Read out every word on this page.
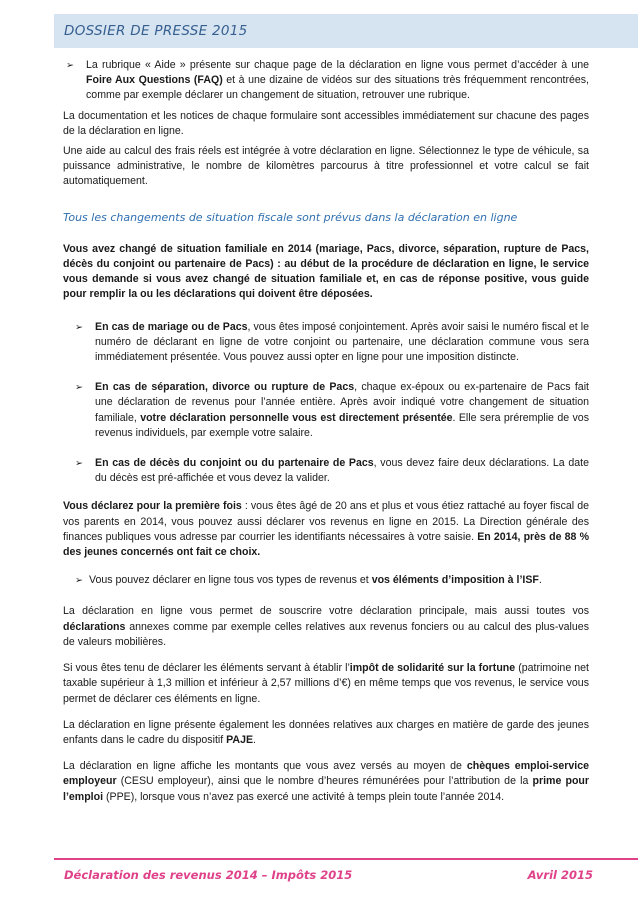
DOSSIER DE PRESSE 2015
➢	La rubrique « Aide » présente sur chaque page de la déclaration en ligne vous permet d’accéder à une Foire Aux Questions (FAQ) et à une dizaine de vidéos sur des situations très fréquemment rencontrées, comme par exemple déclarer un changement de situation, retrouver une rubrique.

La documentation et les notices de chaque formulaire sont accessibles immédiatement sur chacune des pages de la déclaration en ligne.

Une aide au calcul des frais réels est intégrée à votre déclaration en ligne. Sélectionnez le type de véhicule, sa puissance administrative, le nombre de kilomètres parcourus à titre professionnel et votre calcul se fait automatiquement.

Tous les changements de situation fiscale sont prévus dans la déclaration en ligne

Vous avez changé de situation familiale en 2014 (mariage, Pacs, divorce, séparation, rupture de Pacs, décès du conjoint ou partenaire de Pacs) : au début de la procédure de déclaration en ligne, le service vous demande si vous avez changé de situation familiale et, en cas de réponse positive, vous guide pour remplir la ou les déclarations qui doivent être déposées.

➢	En cas de mariage ou de Pacs, vous êtes imposé conjointement. Après avoir saisi le numéro fiscal et le numéro de déclarant en ligne de votre conjoint ou partenaire, une déclaration commune vous sera immédiatement présentée. Vous pouvez aussi opter en ligne pour une imposition distincte.
➢	En cas de séparation, divorce ou rupture de Pacs, chaque ex-époux ou ex-partenaire de Pacs fait une déclaration de revenus pour l’année entière. Après avoir indiqué votre changement de situation familiale, votre déclaration personnelle vous est directement présentée. Elle sera préremplie de vos revenus individuels, par exemple votre salaire.
➢	En cas de décès du conjoint ou du partenaire de Pacs, vous devez faire deux déclarations. La date du décès est pré-affichée et vous devez la valider.

Vous déclarez pour la première fois : vous êtes âgé de 20 ans et plus et vous étiez rattaché au foyer fiscal de vos parents en 2014, vous pouvez aussi déclarer vos revenus en ligne en 2015. La Direction générale des finances publiques vous adresse par courrier les identifiants nécessaires à votre saisie. En 2014, près de 88 % des jeunes concernés ont fait ce choix.

➢ Vous pouvez déclarer en ligne tous vos types de revenus et vos éléments d’imposition à l’ISF.

La déclaration en ligne vous permet de souscrire votre déclaration principale, mais aussi toutes vos déclarations annexes comme par exemple celles relatives aux revenus fonciers ou au calcul des plus-values de valeurs mobilières.

Si vous êtes tenu de déclarer les éléments servant à établir l’impôt de solidarité sur la fortune (patrimoine net taxable supérieur à 1,3 million et inférieur à 2,57 millions d’€) en même temps que vos revenus, le service vous permet de déclarer ces éléments en ligne.

La déclaration en ligne présente également les données relatives aux charges en matière de garde des jeunes enfants dans le cadre du dispositif PAJE.

La déclaration en ligne affiche les montants que vous avez versés au moyen de chèques emploi-service employeur (CESU employeur), ainsi que le nombre d’heures rémunérées pour l’attribution de la prime pour l’emploi (PPE), lorsque vous n’avez pas exercé une activité à temps plein toute l’année 2014.

Déclaration des revenus 2014 – Impôts 2015	Avril 2015
